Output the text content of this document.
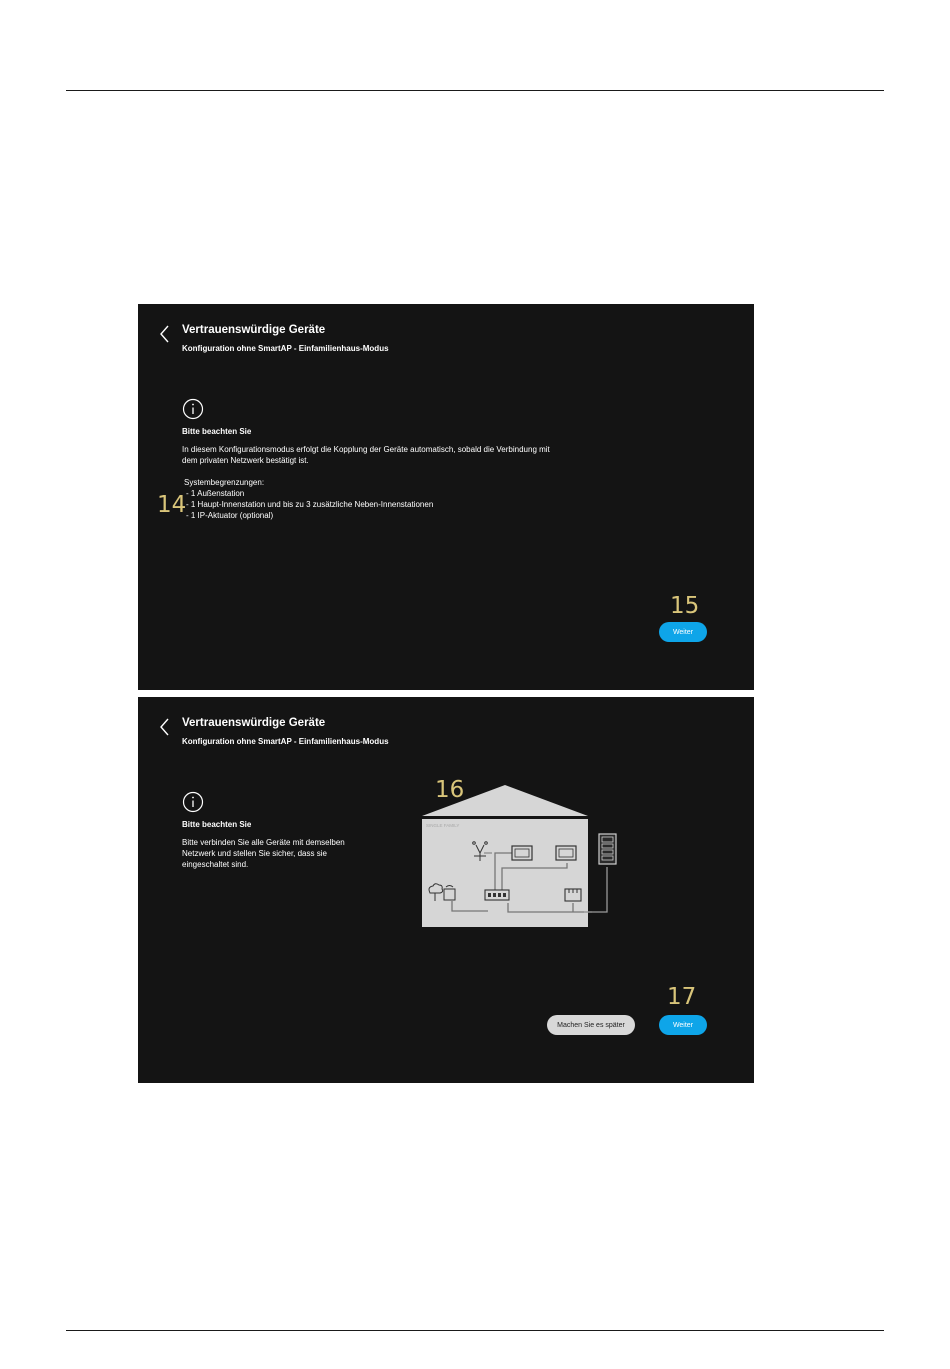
Vertrauenswürdige Geräte
Konfiguration ohne SmartAP - Einfamilienhaus-Modus
Bitte beachten Sie
In diesem Konfigurationsmodus erfolgt die Kopplung der Geräte automatisch, sobald die Verbindung mit
dem privaten Netzwerk bestätigt ist.
Systembegrenzungen:
- 1 Außenstation
- 1 Haupt-Innenstation und bis zu 3 zusätzliche Neben-Innenstationen
- 1 IP-Aktuator (optional)
14
15
Weiter
Vertrauenswürdige Geräte
Konfiguration ohne SmartAP - Einfamilienhaus-Modus
Bitte beachten Sie
Bitte verbinden Sie alle Geräte mit demselben
Netzwerk und stellen Sie sicher, dass sie
eingeschaltet sind.
SINGLE FAMILY
16
17
Machen Sie es später	Weiter
